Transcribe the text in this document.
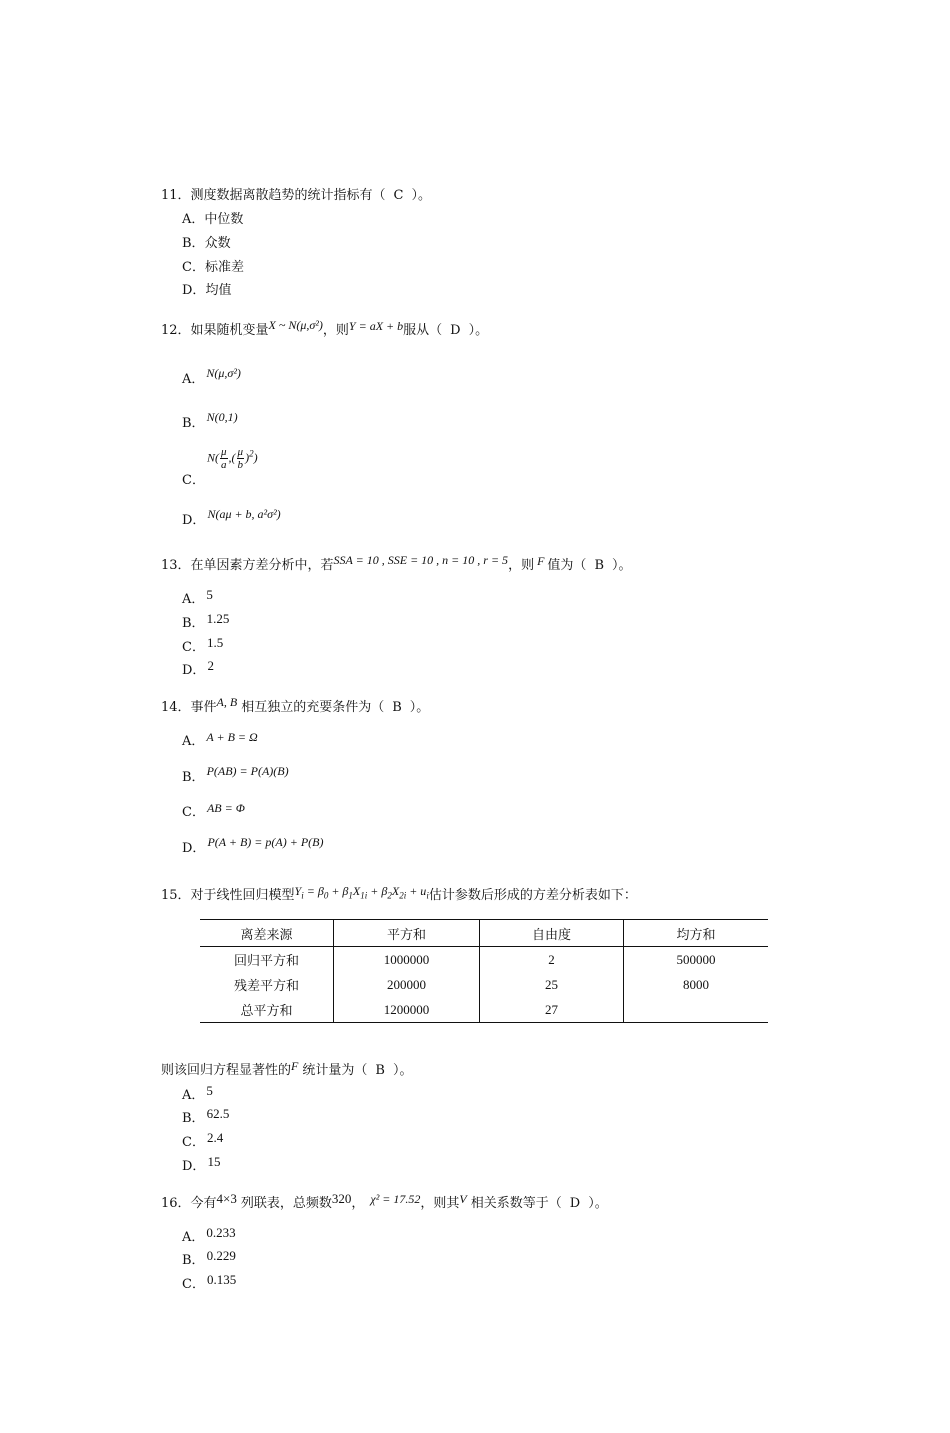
11．测度数据离散趋势的统计指标有（ C ）。
A．中位数
B．众数
C．标准差
D．均值
12．如果随机变量X ~ N(μ,σ²)，则Y = aX + b服从（ D ）。
A． N(μ,σ²)
B． N(0,1)
C．
$N( \frac{\mu}{a}$ ,( $\frac{\mu}{b} )^2$)
D． N(aμ + b, a²σ²)
13．在单因素方差分析中，若SSA = 10 , SSE = 10 , n = 10 , r = 5，则 F 值为（ B ）。
A． 5
B． 1.25
C． 1.5
D． 2
14．事件A, B 相互独立的充要条件为（ B ）。
A． A + B = Ω
B． P(AB) = P(A)(B)
C． AB = Φ
D． P(A + B) = p(A) + P(B)
15．对于线性回归模型$Y_i = \beta_0 + \beta_1X_{1i} + \beta_2X_{2i} + u_i$估计参数后形成的方差分析表如下：
离差来源	平方和	自由度	均方和
回归平方和	1000000	2	500000
残差平方和	200000	25	8000
总平方和	1200000	27	
则该回归方程显著性的F 统计量为（ B ）。
A． 5
B． 62.5
C． 2.4
D． 15
16．今有4×3 列联表，总频数320， χ² = 17.52，则其V 相关系数等于（ D ）。
A． 0.233
B． 0.229
C． 0.135
